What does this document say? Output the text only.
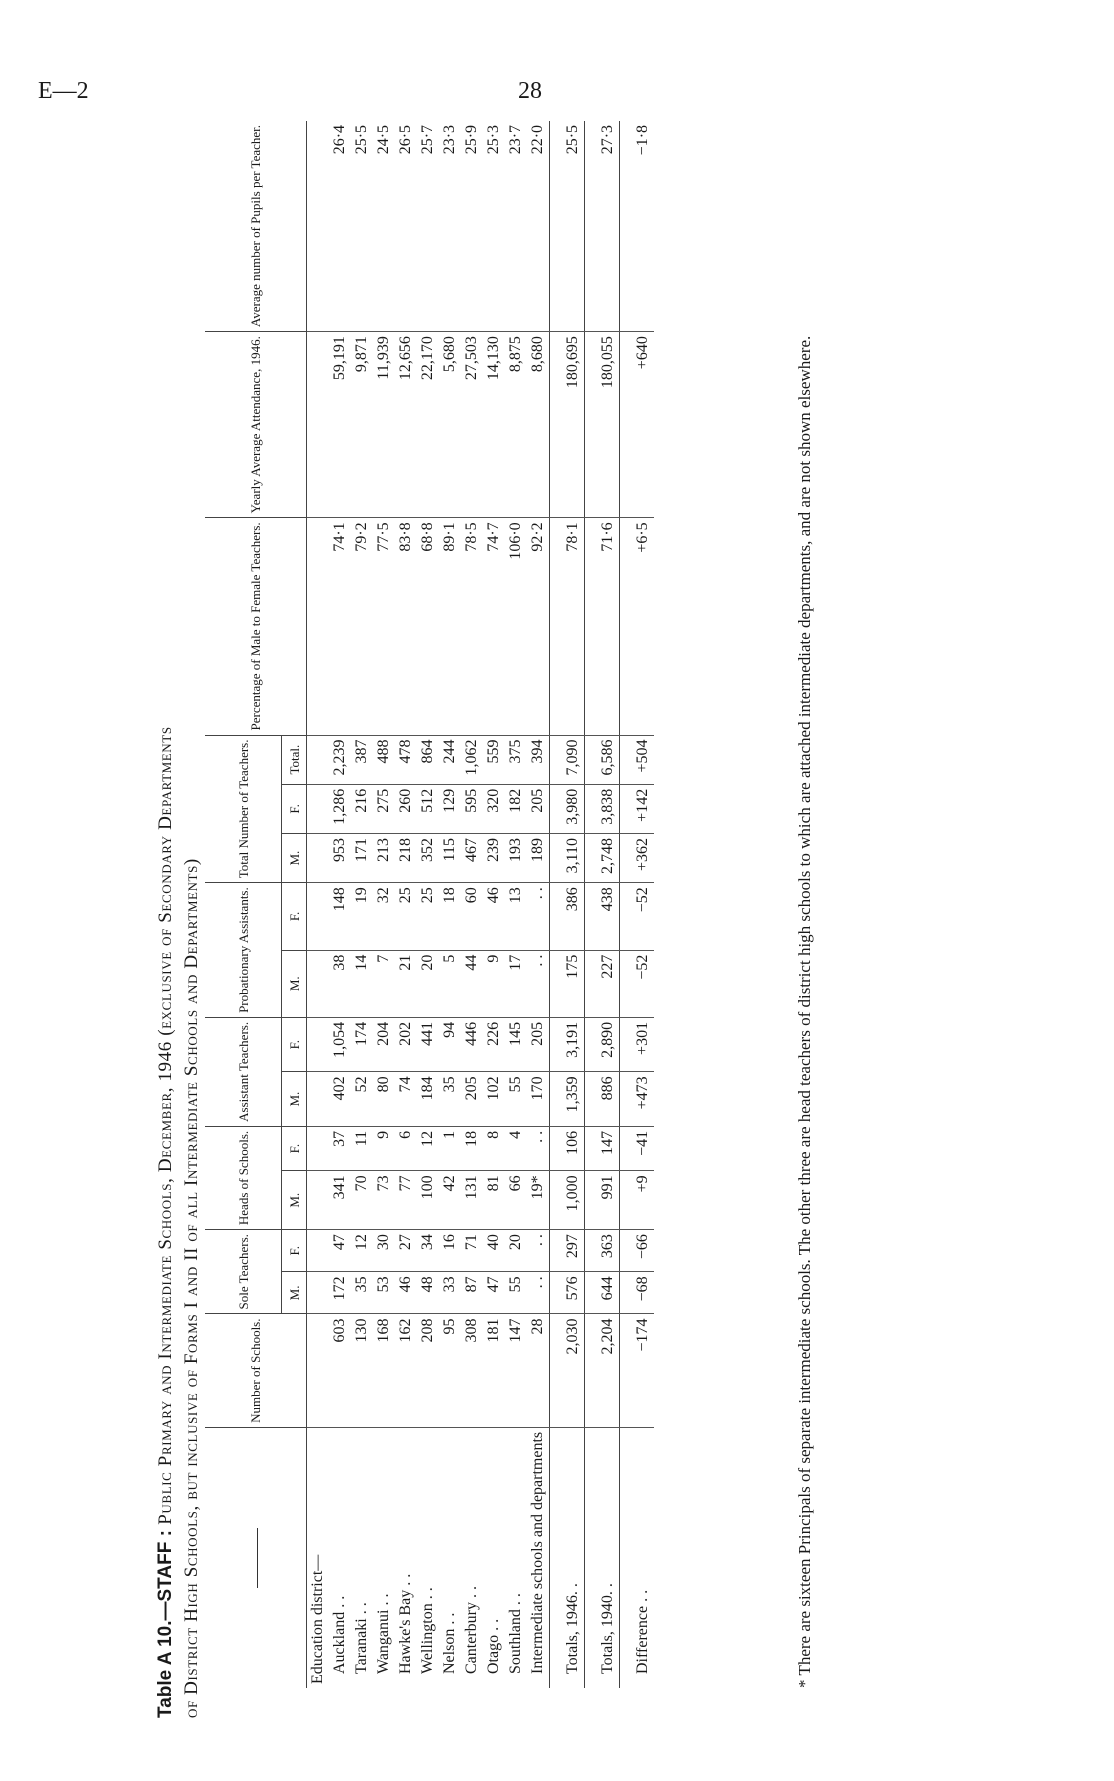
E—2	28
Table A 10.—STAFF : Public Primary and Intermediate Schools, December, 1946 (exclusive of Secondary Departments of District High Schools, but inclusive of Forms I and II of all Intermediate Schools and Departments)
		Number of Schools.	Sole Teachers.		Heads of Schools.		Assistant Teachers.		Probationary Assistants.		Total Number of Teachers.			Percentage of Male to Female Teachers.	Yearly Average Attendance, 1946.	Average number of Pupils per Teacher.
		M.	F.	M.	F.	M.	F.	M.	F.	M.	F.	Total.			
Education district—															
Auckland . .	603	172	47	341	37	402	1,054	38	148	953	1,286	2,239	74·1	59,191	26·4
Taranaki . .	130	35	12	70	11	52	174	14	19	171	216	387	79·2	9,871	25·5
Wanganui . .	168	53	30	73	9	80	204	7	32	213	275	488	77·5	11,939	24·5
Hawke's Bay . .	162	46	27	77	6	74	202	21	25	218	260	478	83·8	12,656	26·5
Wellington . .	208	48	34	100	12	184	441	20	25	352	512	864	68·8	22,170	25·7
Nelson . .	95	33	16	42	1	35	94	5	18	115	129	244	89·1	5,680	23·3
Canterbury . .	308	87	71	131	18	205	446	44	60	467	595	1,062	78·5	27,503	25·9
Otago . .	181	47	40	81	8	102	226	9	46	239	320	559	74·7	14,130	25·3
Southland . .	147	55	20	66	4	55	145	17	13	193	182	375	106·0	8,875	23·7
Intermediate schools and departments	28	. .	. .	19*	. .	170	205	. .	. .	189	205	394	92·2	8,680	22·0
Totals, 1946. .	2,030	576	297	1,000	106	1,359	3,191	175	386	3,110	3,980	7,090	78·1	180,695	25·5
Totals, 1940. .	2,204	644	363	991	147	886	2,890	227	438	2,748	3,838	6,586	71·6	180,055	27·3
Difference . .	−174	−68	−66	+9	−41	+473	+301	−52	−52	+362	+142	+504	+6·5	+640	−1·8
* There are sixteen Principals of separate intermediate schools. The other three are head teachers of district high schools to which are attached intermediate departments, and are not shown elsewhere.
